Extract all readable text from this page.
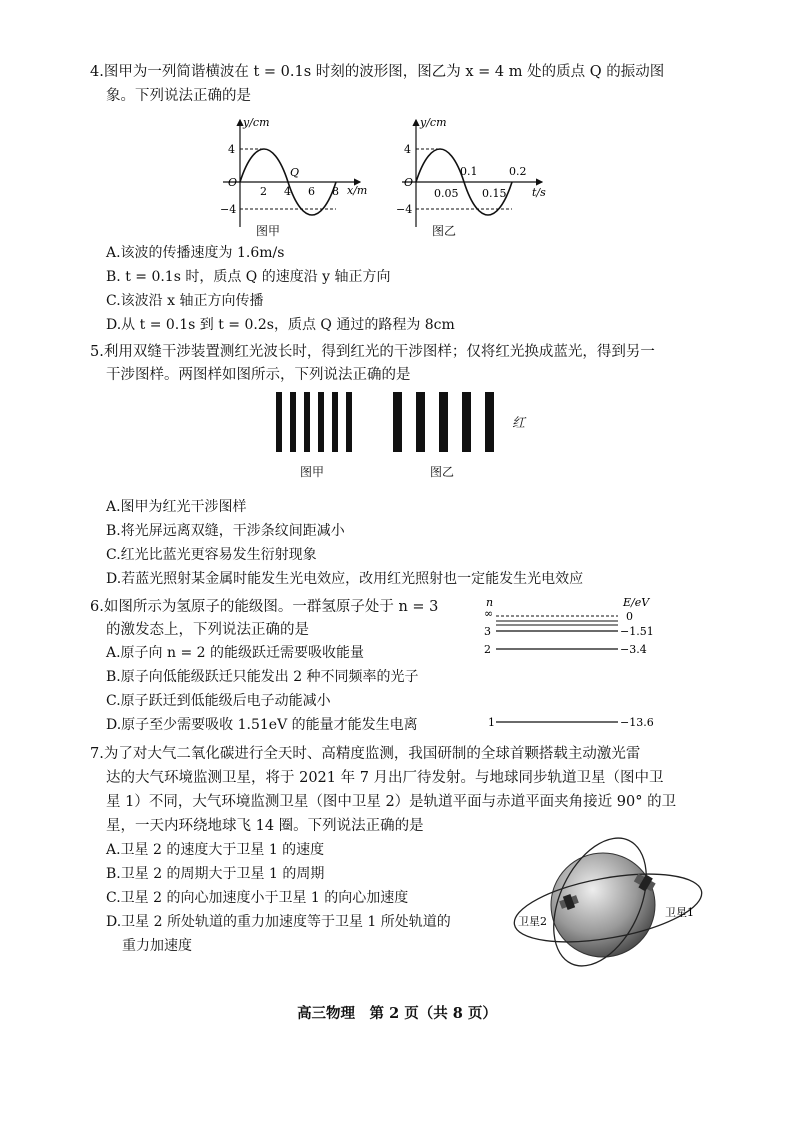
4.图甲为一列简谐横波在 t = 0.1s 时刻的波形图，图乙为 x = 4 m 处的质点 Q 的振动图
象。下列说法正确的是
y/cm
4
−4
O
2 4 6 8
Q
x/m
图甲
y/cm
4
−4
O
0.1	0.2
0.05 0.15 t/s
图乙
A.该波的传播速度为 1.6m/s
B. t = 0.1s 时，质点 Q 的速度沿 y 轴正方向
C.该波沿 x 轴正方向传播
D.从 t = 0.1s 到 t = 0.2s，质点 Q 通过的路程为 8cm
5.利用双缝干涉装置测红光波长时，得到红光的干涉图样；仅将红光换成蓝光，得到另一
干涉图样。两图样如图所示，下列说法正确的是
红
图甲	图乙
A.图甲为红光干涉图样
B.将光屏远离双缝，干涉条纹间距减小
C.红光比蓝光更容易发生衍射现象
D.若蓝光照射某金属时能发生光电效应，改用红光照射也一定能发生光电效应
6.如图所示为氢原子的能级图。一群氢原子处于 n = 3
的激发态上，下列说法正确的是
n	E/eV
∞	0
3	−1.51
2	−3.4
1	−13.6
A.原子向 n = 2 的能级跃迁需要吸收能量
B.原子向低能级跃迁只能发出 2 种不同频率的光子
C.原子跃迁到低能级后电子动能减小
D.原子至少需要吸收 1.51eV 的能量才能发生电离
7.为了对大气二氧化碳进行全天时、高精度监测，我国研制的全球首颗搭载主动激光雷
达的大气环境监测卫星，将于 2021 年 7 月出厂待发射。与地球同步轨道卫星（图中卫
星 1）不同，大气环境监测卫星（图中卫星 2）是轨道平面与赤道平面夹角接近 90° 的卫
星，一天内环绕地球飞 14 圈。下列说法正确的是
A.卫星 2 的速度大于卫星 1 的速度
B.卫星 2 的周期大于卫星 1 的周期
C.卫星 2 的向心加速度小于卫星 1 的向心加速度
D.卫星 2 所处轨道的重力加速度等于卫星 1 所处轨道的
重力加速度
卫星1
卫星2
高三物理　第 2 页（共 8 页）
